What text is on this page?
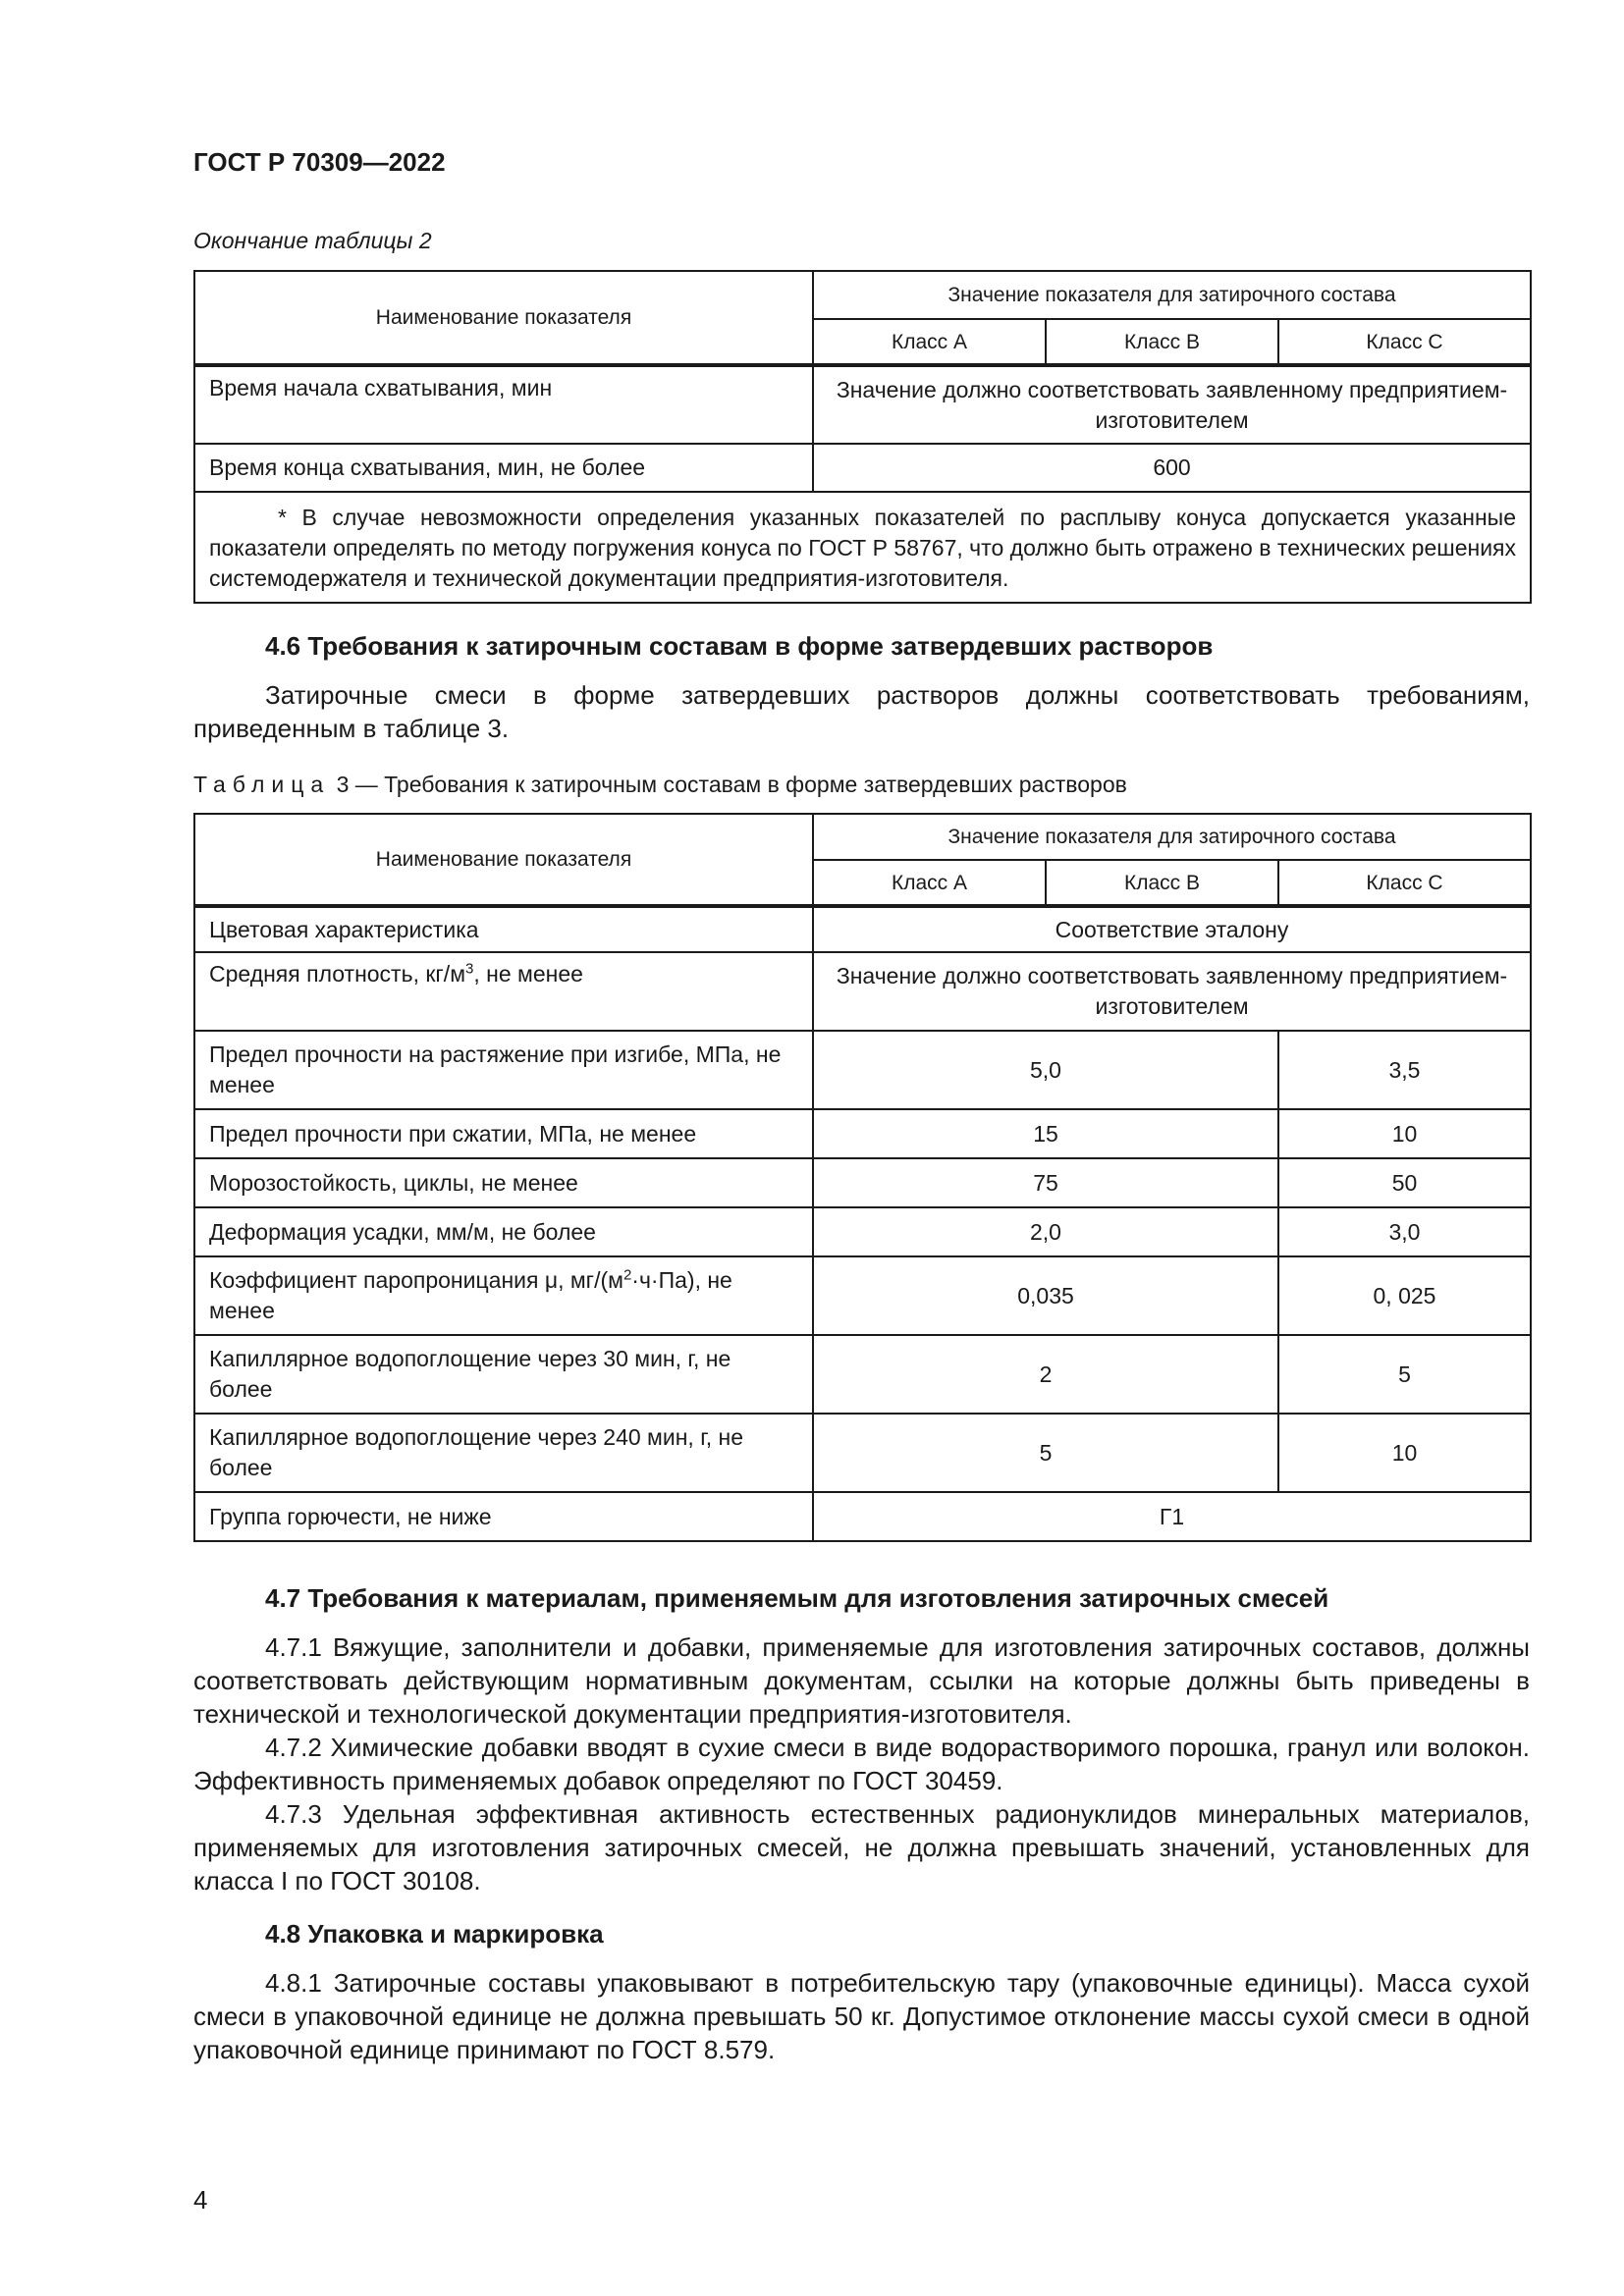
ГОСТ Р 70309—2022
Окончание таблицы 2
Наименование показателя	Значение показателя для затирочного состава		
	Класс А	Класс В	Класс С
Время начала схватывания, мин	Значение должно соответствовать заявленному предприятием-изготовителем		
Время конца схватывания, мин, не более	600		
* В случае невозможности определения указанных показателей по расплыву конуса допускается указанные показатели определять по методу погружения конуса по ГОСТ Р 58767, что должно быть отражено в технических решениях системодержателя и технической документации предприятия-изготовителя.			
4.6 Требования к затирочным составам в форме затвердевших растворов

Затирочные смеси в форме затвердевших растворов должны соответствовать требованиям, приведенным в таблице 3.

Таблица 3 — Требования к затирочным составам в форме затвердевших растворов
Наименование показателя	Значение показателя для затирочного состава		
	Класс А	Класс В	Класс С
Цветовая характеристика	Соответствие эталону		
Средняя плотность, $кг/м^3$, не менее	Значение должно соответствовать заявленному предприятием-изготовителем		
Предел прочности на растяжение при изгибе, МПа, не менее	5,0		3,5
Предел прочности при сжатии, МПа, не менее	15		10
Морозостойкость, циклы, не менее	75		50
Деформация усадки, мм/м, не более	2,0		3,0
Коэффициент паропроницания μ, $мг/(м^2\cdot ч\cdot Па)$, не менее	0,035		0, 025
Капиллярное водопоглощение через 30 мин, г, не более	2		5
Капиллярное водопоглощение через 240 мин, г, не более	5		10
Группа горючести, не ниже	Г1		
4.7 Требования к материалам, применяемым для изготовления затирочных смесей

4.7.1 Вяжущие, заполнители и добавки, применяемые для изготовления затирочных составов, должны соответствовать действующим нормативным документам, ссылки на которые должны быть приведены в технической и технологической документации предприятия-изготовителя.

4.7.2 Химические добавки вводят в сухие смеси в виде водорастворимого порошка, гранул или волокон. Эффективность применяемых добавок определяют по ГОСТ 30459.

4.7.3 Удельная эффективная активность естественных радионуклидов минеральных материалов, применяемых для изготовления затирочных смесей, не должна превышать значений, установленных для класса I по ГОСТ 30108.

4.8 Упаковка и маркировка

4.8.1 Затирочные составы упаковывают в потребительскую тару (упаковочные единицы). Масса сухой смеси в упаковочной единице не должна превышать 50 кг. Допустимое отклонение массы сухой смеси в одной упаковочной единице принимают по ГОСТ 8.579.

4
